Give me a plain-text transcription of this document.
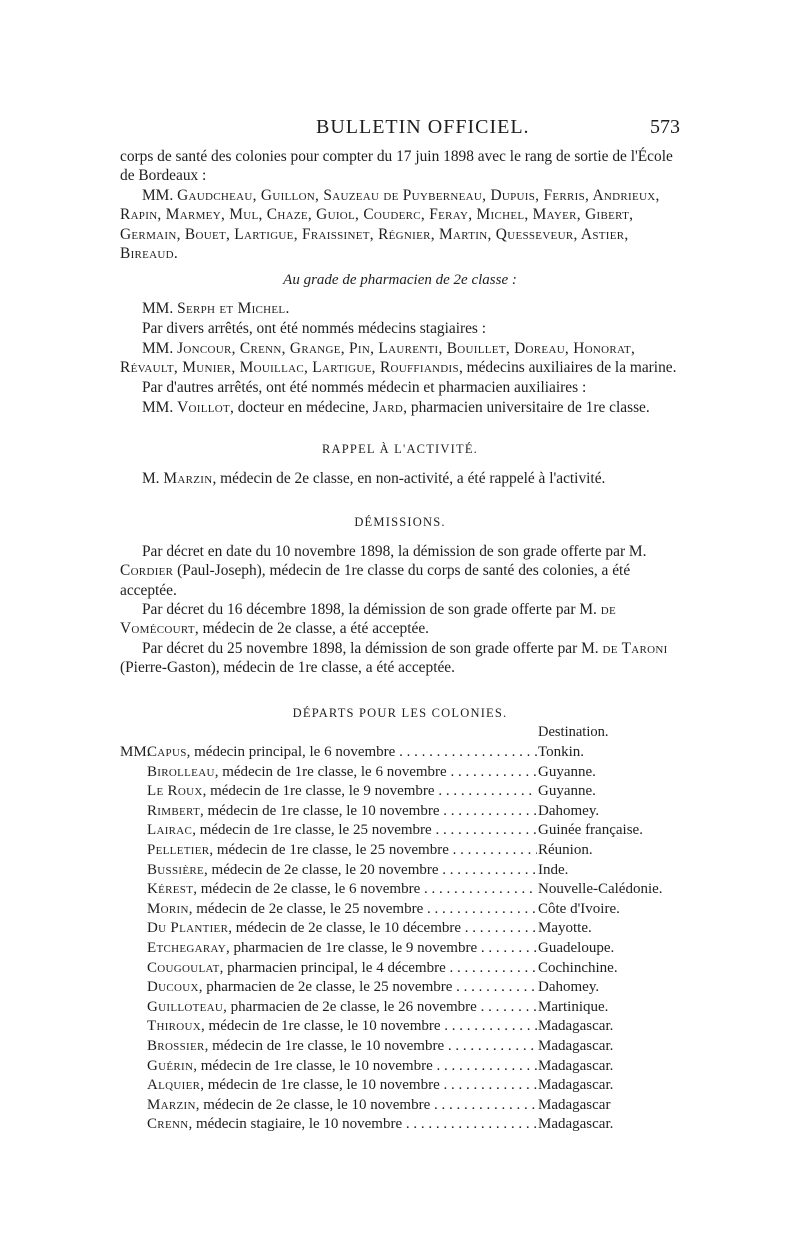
BULLETIN OFFICIEL.	573

corps de santé des colonies pour compter du 17 juin 1898 avec le rang de sortie de l'École de Bordeaux :

MM. Gaudcheau, Guillon, Sauzeau de Puyberneau, Dupuis, Ferris, Andrieux, Rapin, Marmey, Mul, Chaze, Guiol, Couderc, Feray, Michel, Mayer, Gibert, Germain, Bouet, Lartigue, Fraissinet, Régnier, Martin, Quesseveur, Astier, Bireaud.

Au grade de pharmacien de 2e classe :

MM. Serph et Michel.

Par divers arrêtés, ont été nommés médecins stagiaires :

MM. Joncour, Crenn, Grange, Pin, Laurenti, Bouillet, Doreau, Honorat, Révault, Munier, Mouillac, Lartigue, Rouffiandis, médecins auxiliaires de la marine.

Par d'autres arrêtés, ont été nommés médecin et pharmacien auxiliaires :

MM. Voillot, docteur en médecine, Jard, pharmacien universitaire de 1re classe.

RAPPEL À L'ACTIVITÉ.

M. Marzin, médecin de 2e classe, en non-activité, a été rappelé à l'activité.

DÉMISSIONS.

Par décret en date du 10 novembre 1898, la démission de son grade offerte par M. Cordier (Paul-Joseph), médecin de 1re classe du corps de santé des colonies, a été acceptée.

Par décret du 16 décembre 1898, la démission de son grade offerte par M. de Vomécourt, médecin de 2e classe, a été acceptée.

Par décret du 25 novembre 1898, la démission de son grade offerte par M. de Taroni (Pierre-Gaston), médecin de 1re classe, a été acceptée.

DÉPARTS POUR LES COLONIES.
Destination.
MM.
Capus, médecin principal, le 6 novembre . . .	Tonkin.
Birolleau, médecin de 1re classe, le 6 novembre . . .	Guyanne.
Le Roux, médecin de 1re classe, le 9 novembre . . .	Guyanne.
Rimbert, médecin de 1re classe, le 10 novembre . . .	Dahomey.
Lairac, médecin de 1re classe, le 25 novembre . . .	Guinée française.
Pelletier, médecin de 1re classe, le 25 novembre . . .	Réunion.
Bussière, médecin de 2e classe, le 20 novembre . . .	Inde.
Kérest, médecin de 2e classe, le 6 novembre . . .	Nouvelle-Calédonie.
Morin, médecin de 2e classe, le 25 novembre . . .	Côte d'Ivoire.
Du Plantier, médecin de 2e classe, le 10 décembre . . .	Mayotte.
Etchegaray, pharmacien de 1re classe, le 9 novembre . . .	Guadeloupe.
Cougoulat, pharmacien principal, le 4 décembre . . .	Cochinchine.
Ducoux, pharmacien de 2e classe, le 25 novembre . . .	Dahomey.
Guilloteau, pharmacien de 2e classe, le 26 novembre . . .	Martinique.
Thiroux, médecin de 1re classe, le 10 novembre . . .	Madagascar.
Brossier, médecin de 1re classe, le 10 novembre . . .	Madagascar.
Guérin, médecin de 1re classe, le 10 novembre . . .	Madagascar.
Alquier, médecin de 1re classe, le 10 novembre . . .	Madagascar.
Marzin, médecin de 2e classe, le 10 novembre . . .	Madagascar
Crenn, médecin stagiaire, le 10 novembre . . .	Madagascar.
